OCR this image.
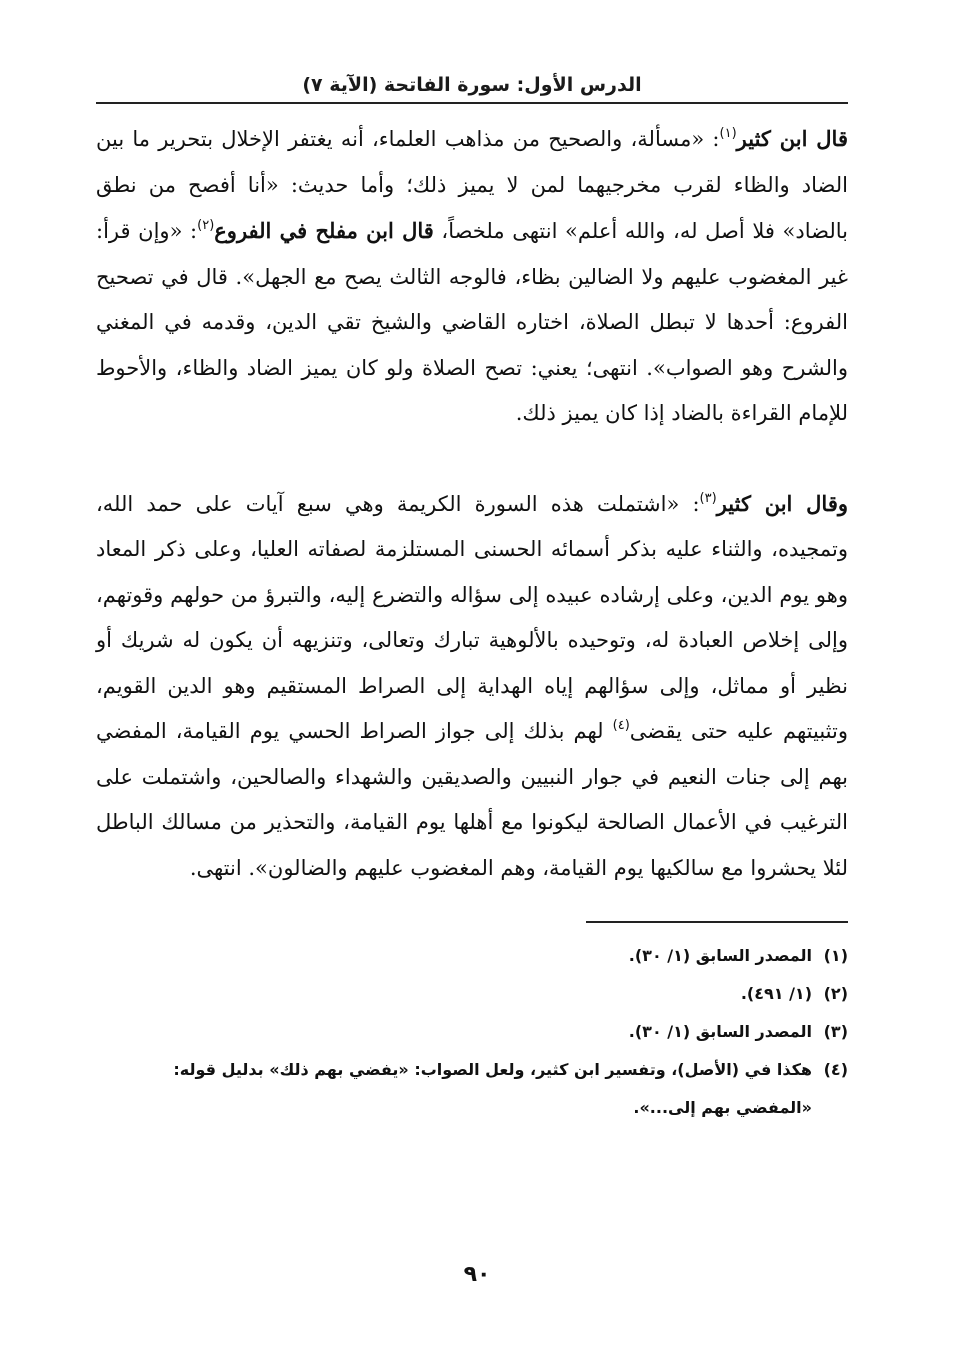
الدرس الأول: سورة الفاتحة (الآية ٧)

قال ابن كثير$^{(١)}$: «مسألة، والصحيح من مذاهب العلماء، أنه يغتفر الإخلال بتحرير ما بين الضاد والظاء لقرب مخرجيهما لمن لا يميز ذلك؛ وأما حديث: «أنا أفصح من نطق بالضاد» فلا أصل له، والله أعلم» انتهى ملخصاً، قال ابن مفلح في الفروع$^{(٢)}$: «وإن قرأ: غير المغضوب عليهم ولا الضالين بظاء، فالوجه الثالث يصح مع الجهل». قال في تصحيح الفروع: أحدها لا تبطل الصلاة، اختاره القاضي والشيخ تقي الدين، وقدمه في المغني والشرح وهو الصواب». انتهى؛ يعني: تصح الصلاة ولو كان يميز الضاد والظاء، والأحوط للإمام القراءة بالضاد إذا كان يميز ذلك.

وقال ابن كثير$^{(٣)}$: «اشتملت هذه السورة الكريمة وهي سبع آيات على حمد الله، وتمجيده، والثناء عليه بذكر أسمائه الحسنى المستلزمة لصفاته العليا، وعلى ذكر المعاد وهو يوم الدين، وعلى إرشاده عبيده إلى سؤاله والتضرع إليه، والتبرؤ من حولهم وقوتهم، وإلى إخلاص العبادة له، وتوحيده بالألوهية تبارك وتعالى، وتنزيهه أن يكون له شريك أو نظير أو مماثل، وإلى سؤالهم إياه الهداية إلى الصراط المستقيم وهو الدين القويم، وتثبيتهم عليه حتى يقضى$^{(٤)}$ لهم بذلك إلى جواز الصراط الحسي يوم القيامة، المفضي بهم إلى جنات النعيم في جوار النبيين والصديقين والشهداء والصالحين، واشتملت على الترغيب في الأعمال الصالحة ليكونوا مع أهلها يوم القيامة، والتحذير من مسالك الباطل لئلا يحشروا مع سالكيها يوم القيامة، وهم المغضوب عليهم والضالون». انتهى.

(١)
المصدر السابق (١/ ٣٠).
(٢)
(١/ ٤٩١).
(٣)
المصدر السابق (١/ ٣٠).
(٤)
هكذا في (الأصل)، وتفسير ابن كثير، ولعل الصواب: «يفضي بهم ذلك» بدليل قوله: «المفضي بهم إلى...».
٩٠
